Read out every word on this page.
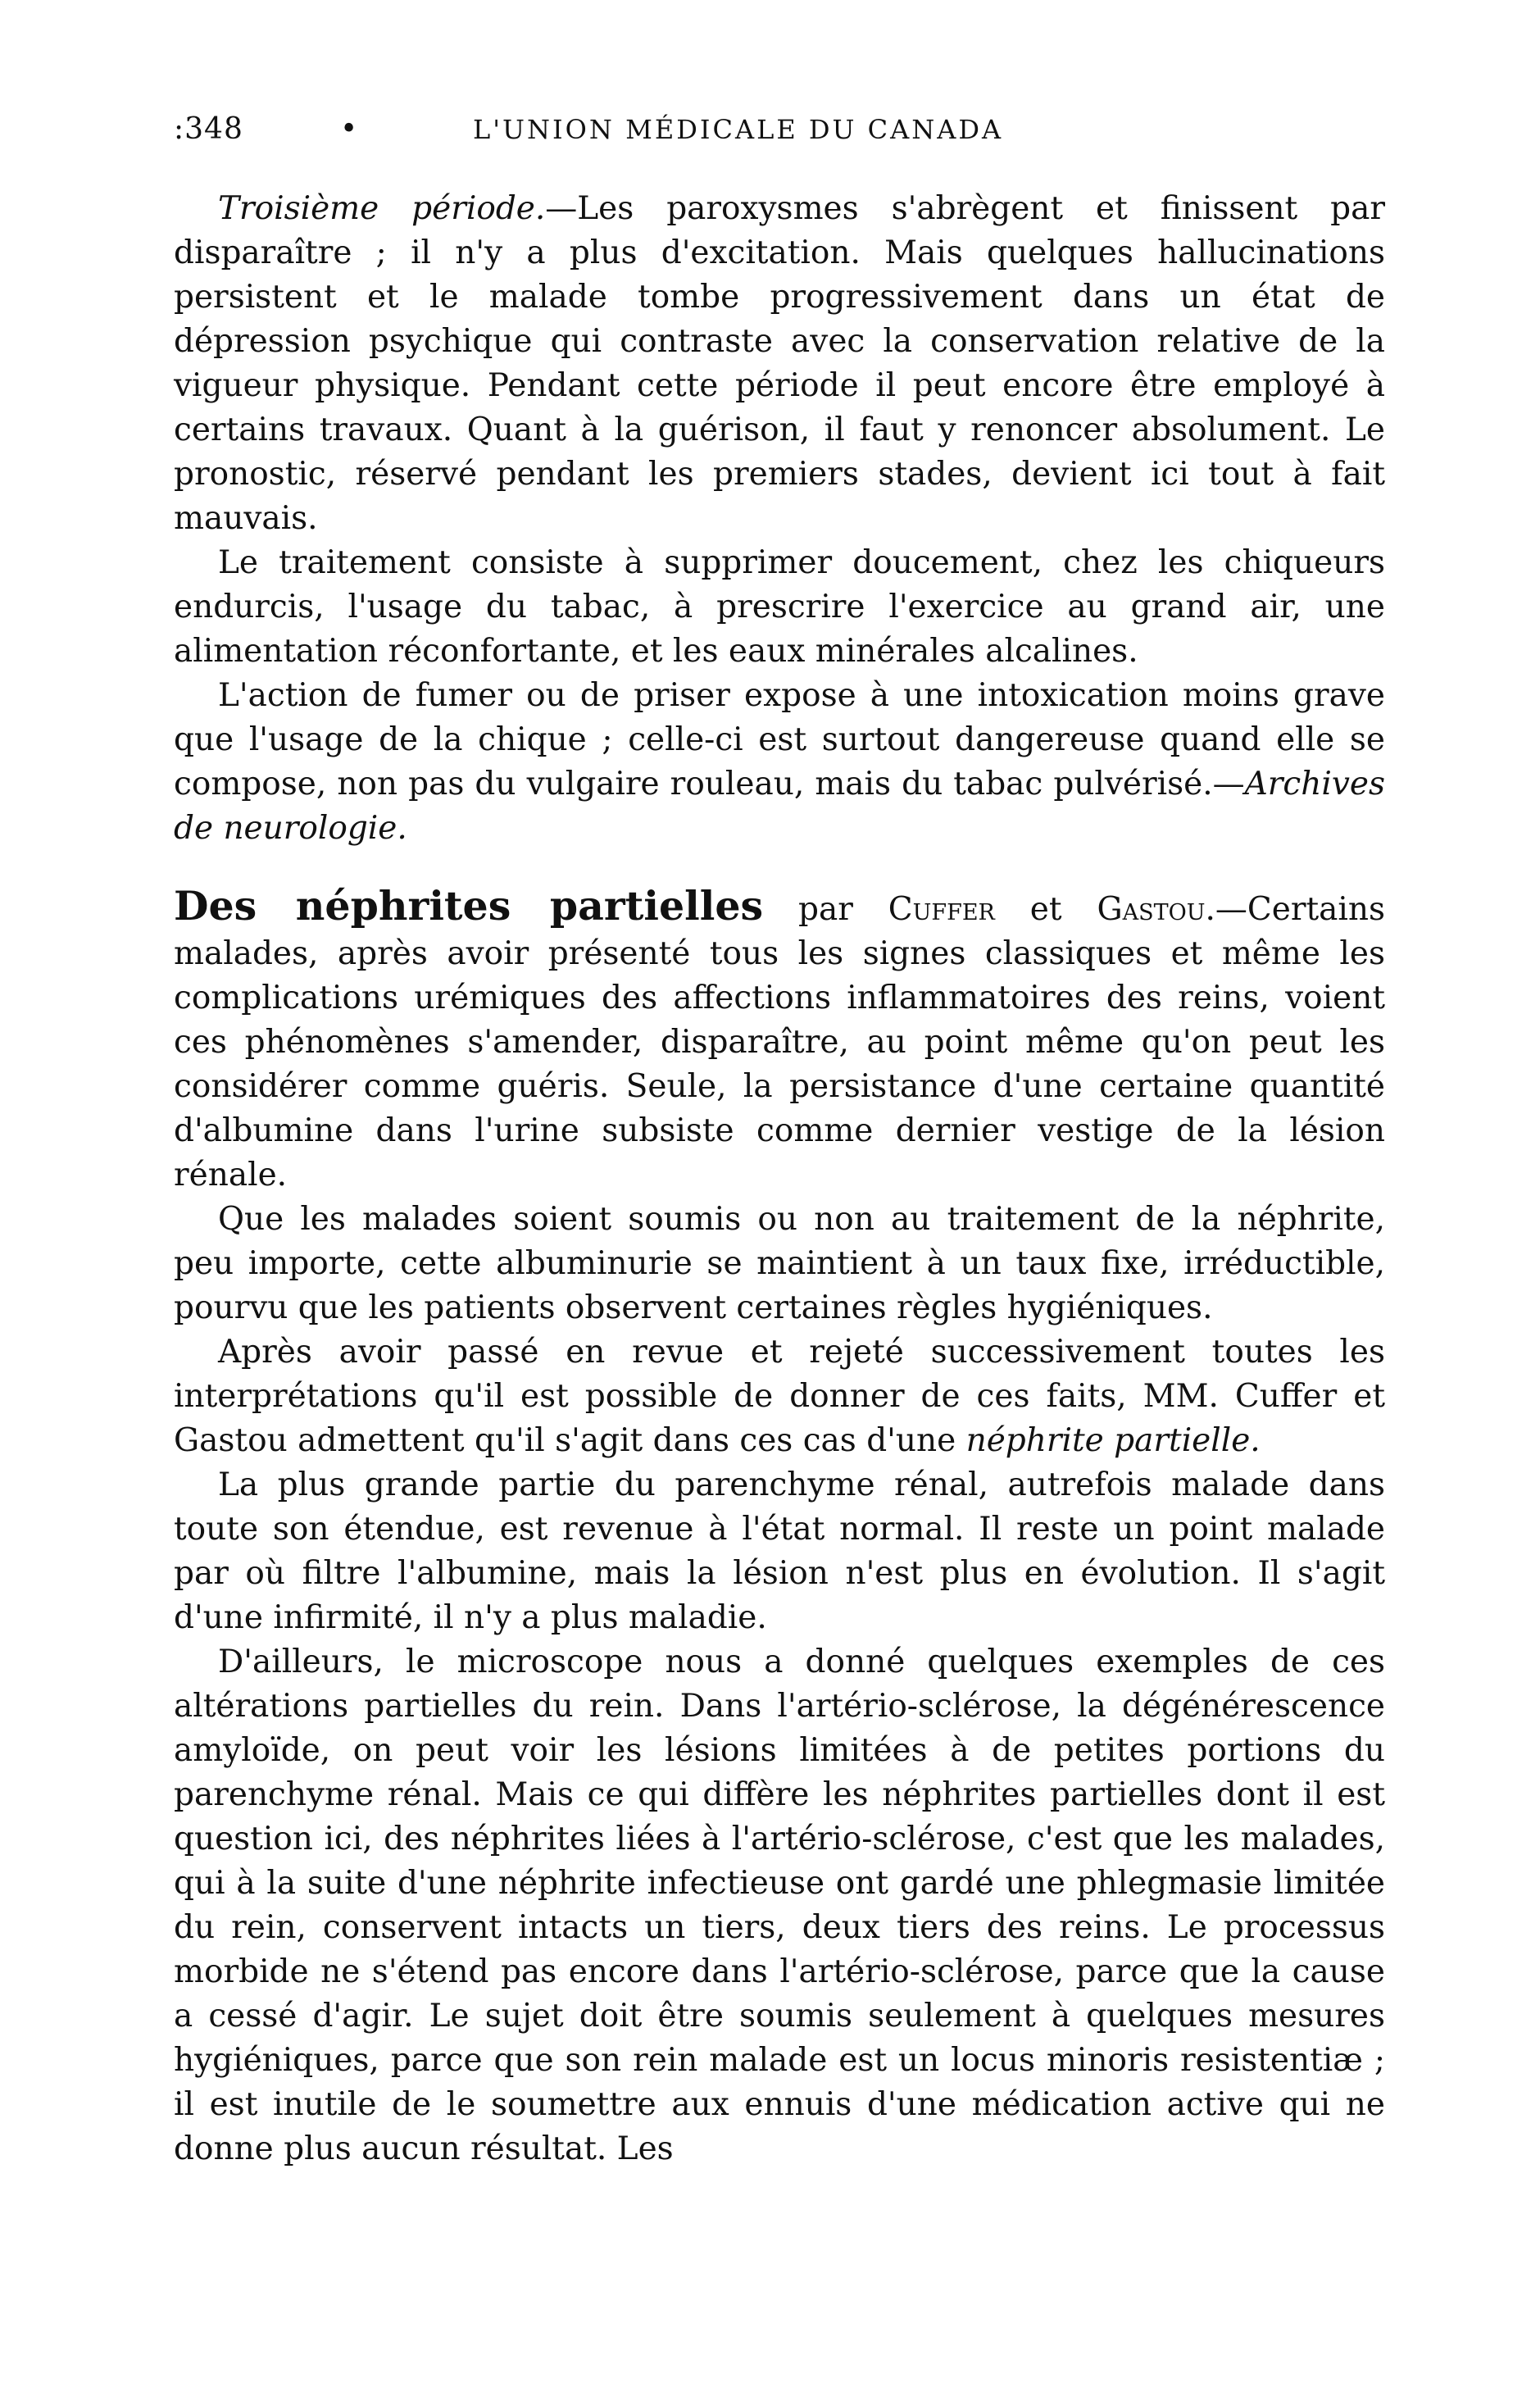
:348	•	L'UNION MÉDICALE DU CANADA

Troisième période.—Les paroxysmes s'abrègent et finissent par disparaître ; il n'y a plus d'excitation. Mais quelques hallucinations persistent et le malade tombe progressivement dans un état de dépression psychique qui contraste avec la conservation relative de la vigueur physique. Pendant cette période il peut encore être employé à certains travaux. Quant à la guérison, il faut y renoncer absolument. Le pronostic, réservé pendant les premiers stades, devient ici tout à fait mauvais.

Le traitement consiste à supprimer doucement, chez les chiqueurs endurcis, l'usage du tabac, à prescrire l'exercice au grand air, une alimentation réconfortante, et les eaux minérales alcalines.

L'action de fumer ou de priser expose à une intoxication moins grave que l'usage de la chique ; celle-ci est surtout dangereuse quand elle se compose, non pas du vulgaire rouleau, mais du tabac pulvérisé.—Archives de neurologie.

Des néphrites partielles par Cuffer et Gastou.—Certains malades, après avoir présenté tous les signes classiques et même les complications urémiques des affections inflammatoires des reins, voient ces phénomènes s'amender, disparaître, au point même qu'on peut les considérer comme guéris. Seule, la persistance d'une certaine quantité d'albumine dans l'urine subsiste comme dernier vestige de la lésion rénale.

Que les malades soient soumis ou non au traitement de la néphrite, peu importe, cette albuminurie se maintient à un taux fixe, irréductible, pourvu que les patients observent certaines règles hygiéniques.

Après avoir passé en revue et rejeté successivement toutes les interprétations qu'il est possible de donner de ces faits, MM. Cuffer et Gastou admettent qu'il s'agit dans ces cas d'une néphrite partielle.

La plus grande partie du parenchyme rénal, autrefois malade dans toute son étendue, est revenue à l'état normal. Il reste un point malade par où filtre l'albumine, mais la lésion n'est plus en évolution. Il s'agit d'une infirmité, il n'y a plus maladie.

D'ailleurs, le microscope nous a donné quelques exemples de ces altérations partielles du rein. Dans l'artério-sclérose, la dégénérescence amyloïde, on peut voir les lésions limitées à de petites portions du parenchyme rénal. Mais ce qui diffère les néphrites partielles dont il est question ici, des néphrites liées à l'artério-sclérose, c'est que les malades, qui à la suite d'une néphrite infectieuse ont gardé une phlegmasie limitée du rein, conservent intacts un tiers, deux tiers des reins. Le processus morbide ne s'étend pas encore dans l'artério-sclérose, parce que la cause a cessé d'agir. Le sujet doit être soumis seulement à quelques mesures hygiéniques, parce que son rein malade est un locus minoris resistentiæ ; il est inutile de le soumettre aux ennuis d'une médication active qui ne donne plus aucun résultat. Les
